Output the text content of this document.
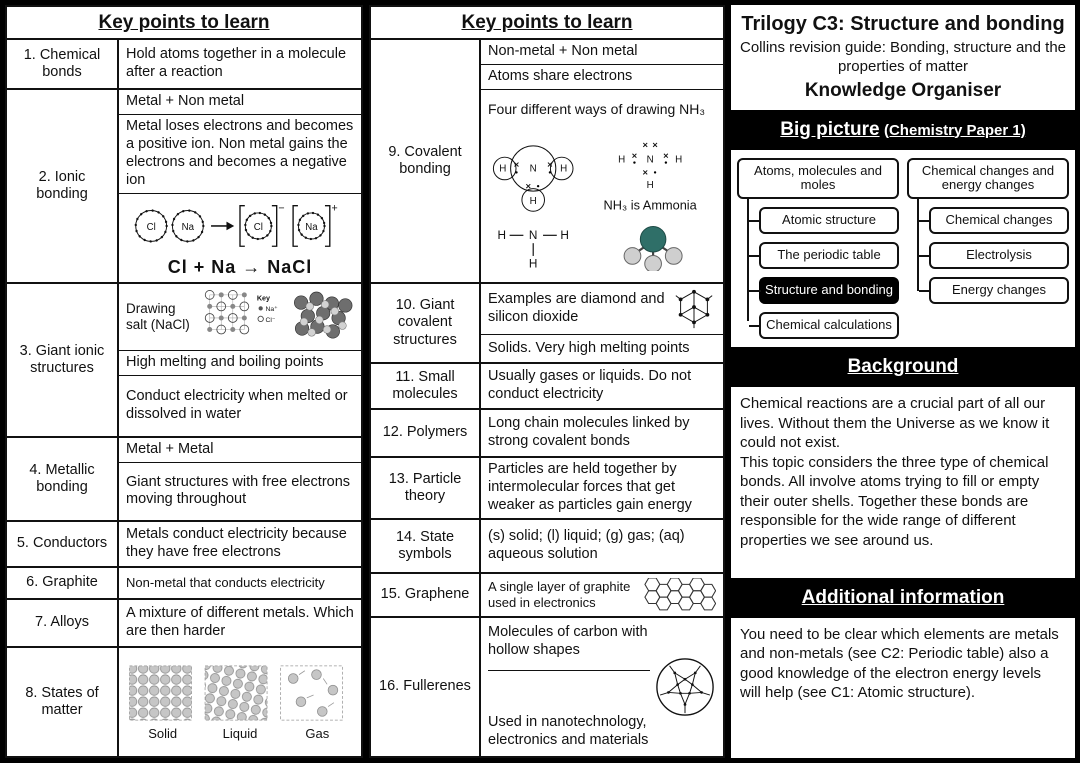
Key points to learn
1. Chemical bonds
Hold atoms together in a molecule after a reaction
2. Ionic bonding
Metal + Non metal
Metal loses electrons and becomes a positive ion. Non metal gains the electrons and becomes a negative ion
Cl	Na	Cl
−
Na
+
Cl + Na → NaCl
3. Giant ionic structures
Drawing salt (NaCl)
Key
Na⁺
Cl⁻
High melting and boiling points
Conduct electricity when melted or dissolved in water
4. Metallic bonding
Metal + Metal
Giant structures with free electrons moving throughout
5. Conductors
Metals conduct electricity because they have free electrons
6. Graphite	Non-metal that conducts electricity
7. Alloys
A mixture of different metals. Which are then harder
8. States of matter
Solid	Liquid	Gas
Key points to learn
9. Covalent bonding
Non-metal + Non metal
Atoms share electrons
Four different ways of drawing NH₃
N
H	H
H
H N H
H
NH₃ is Ammonia
H N H
H
10. Giant covalent structures
Examples are diamond and silicon dioxide
Solids. Very high melting points
11. Small molecules
Usually gases or liquids. Do not conduct electricity
12. Polymers
Long chain molecules linked by strong covalent bonds
13. Particle theory
Particles are held together by intermolecular forces that get weaker as particles gain energy
14. State symbols
(s) solid; (l) liquid; (g) gas; (aq) aqueous solution
15. Graphene	A single layer of graphite used in electronics
16. Fullerenes

Molecules of carbon with hollow shapes

Used in nanotechnology, electronics and materials

Trilogy C3: Structure and bonding
Collins revision guide: Bonding, structure and the properties of matter
Knowledge Organiser
Big picture (Chemistry Paper 1)
Atoms, molecules and moles
Atomic structure
The periodic table
Structure and bonding
Chemical calculations
Chemical changes and energy changes
Chemical changes
Electrolysis
Energy changes
Background

Chemical reactions are a crucial part of all our lives. Without them the Universe as we know it could not exist.

This topic considers the three type of chemical bonds. All involve atoms trying to fill or empty their outer shells. Together these bonds are responsible for the wide range of different properties we see around us.

Additional information

You need to be clear which elements are metals and non-metals (see C2: Periodic table) also a good knowledge of the electron energy levels will help (see C1: Atomic structure).
